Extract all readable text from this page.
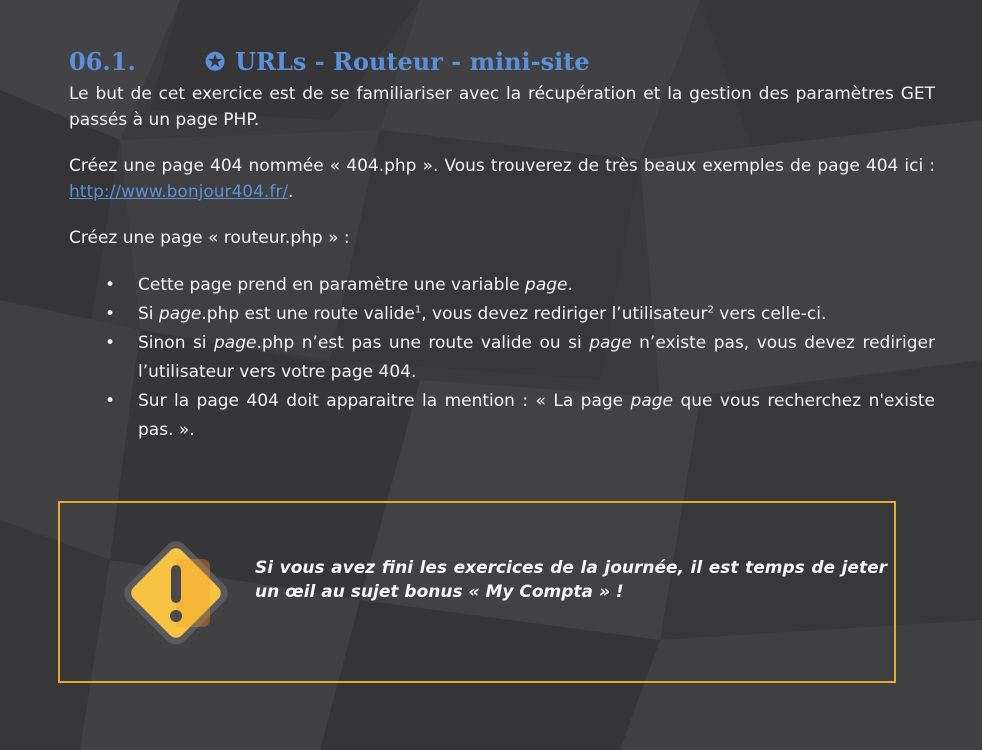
06.1.	✪ URLs - Routeur - mini-site

Le but de cet exercice est de se familiariser avec la récupération et la gestion des paramètres GET passés à un page PHP.

Créez une page 404 nommée « 404.php ». Vous trouverez de très beaux exemples de page 404 ici : http://www.bonjour404.fr/.

Créez une page « routeur.php » :

• Cette page prend en paramètre une variable page.
• Si page.php est une route valide$^1$, vous devez rediriger l’utilisateur$^2$ vers celle-ci.
• Sinon si page.php n’est pas une route valide ou si page n’existe pas, vous devez rediriger l’utilisateur vers votre page 404.
• Sur la page 404 doit apparaitre la mention : « La page page que vous recherchez n'existe pas. ».
Si vous avez fini les exercices de la journée, il est temps de jeter un œil au sujet bonus « My Compta » !
